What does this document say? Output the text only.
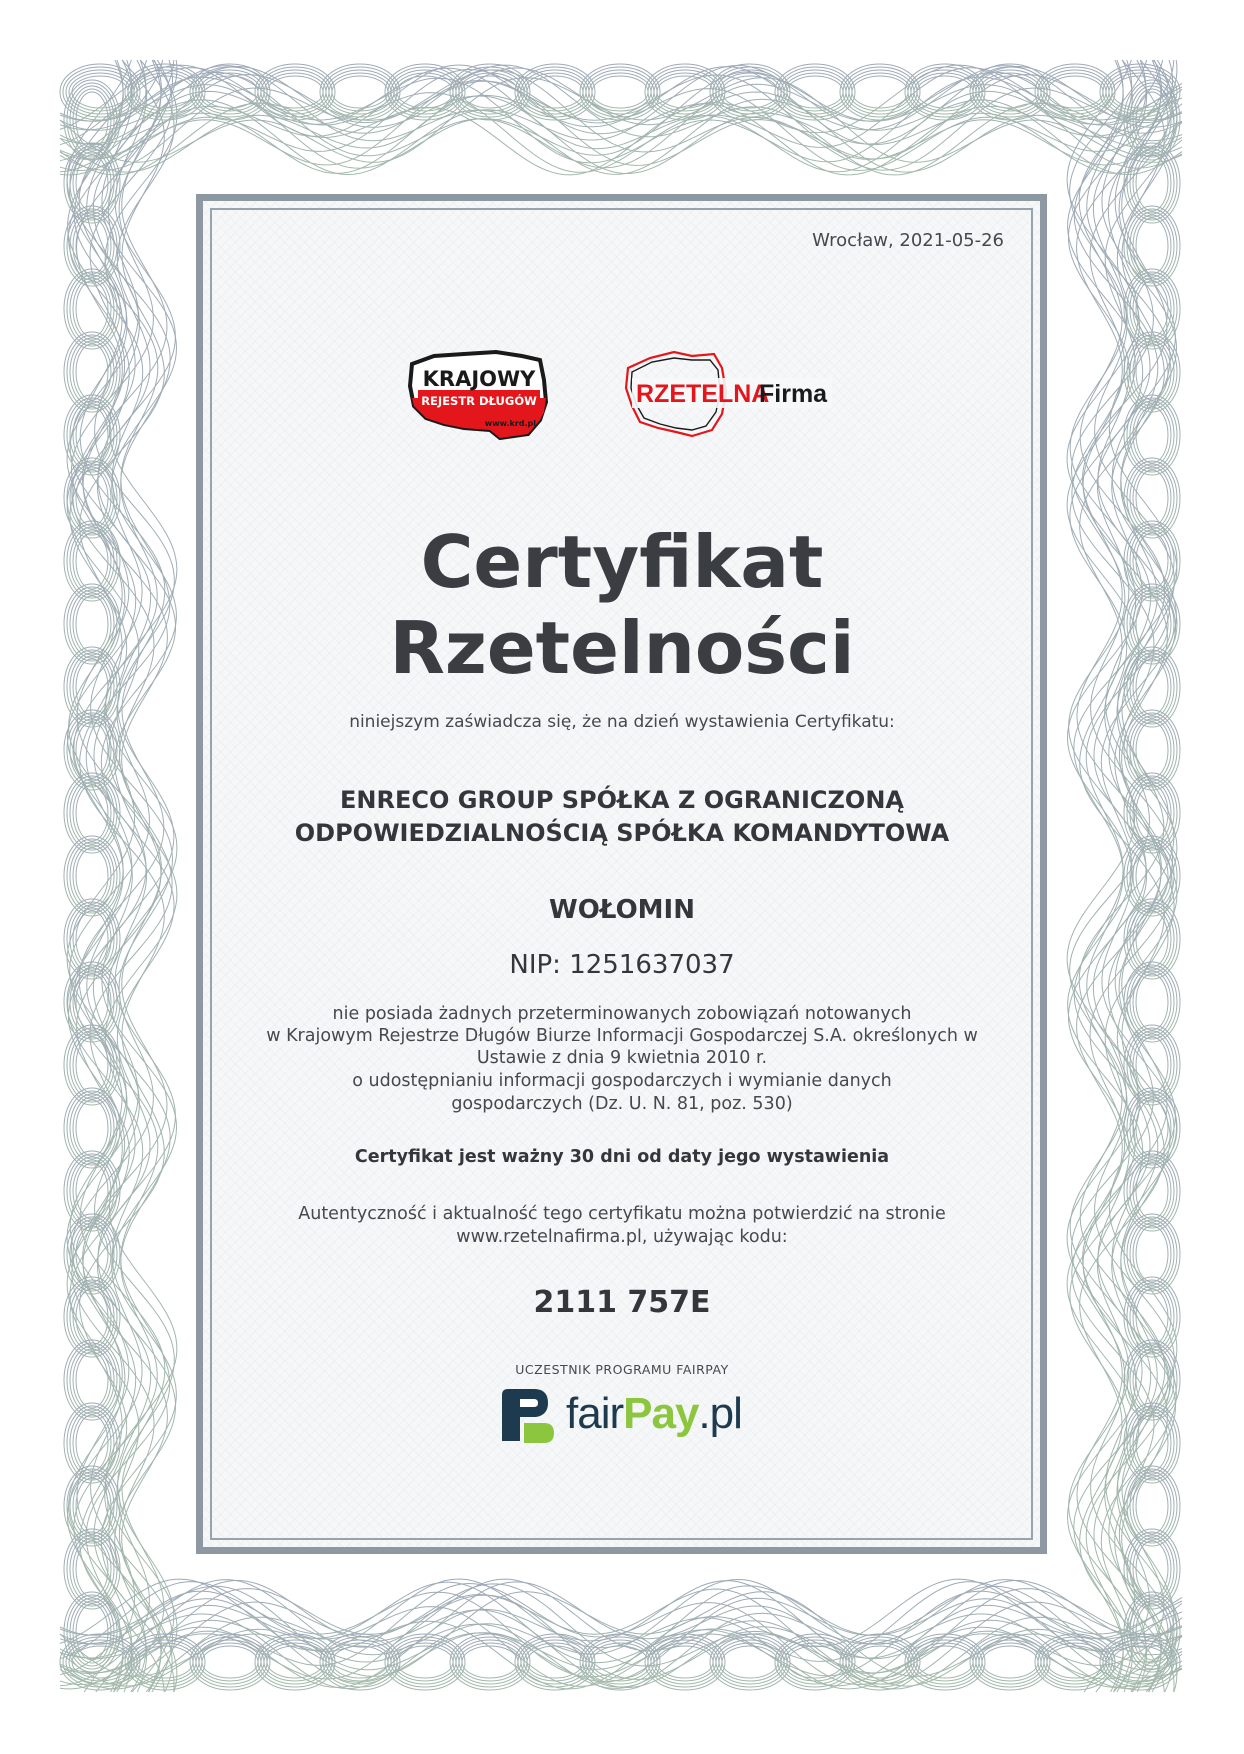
Wrocław, 2021-05-26
KRAJOWY
REJESTR DŁUGÓW
www.krd.pl
RZETELNA
Firma
Certyfikat
Rzetelności
niniejszym zaświadcza się, że na dzień wystawienia Certyfikatu:
ENRECO GROUP SPÓŁKA Z OGRANICZONĄ
ODPOWIEDZIALNOŚCIĄ SPÓŁKA KOMANDYTOWA
WOŁOMIN
NIP: 1251637037
nie posiada żadnych przeterminowanych zobowiązań notowanych
w Krajowym Rejestrze Długów Biurze Informacji Gospodarczej S.A. określonych w
Ustawie z dnia 9 kwietnia 2010 r.
o udostępnianiu informacji gospodarczych i wymianie danych
gospodarczych (Dz. U. N. 81, poz. 530)
Certyfikat jest ważny 30 dni od daty jego wystawienia
Autentyczność i aktualność tego certyfikatu można potwierdzić na stronie
www.rzetelnafirma.pl, używając kodu:
2111 757E
UCZESTNIK PROGRAMU FAIRPAY
fairPay.pl
